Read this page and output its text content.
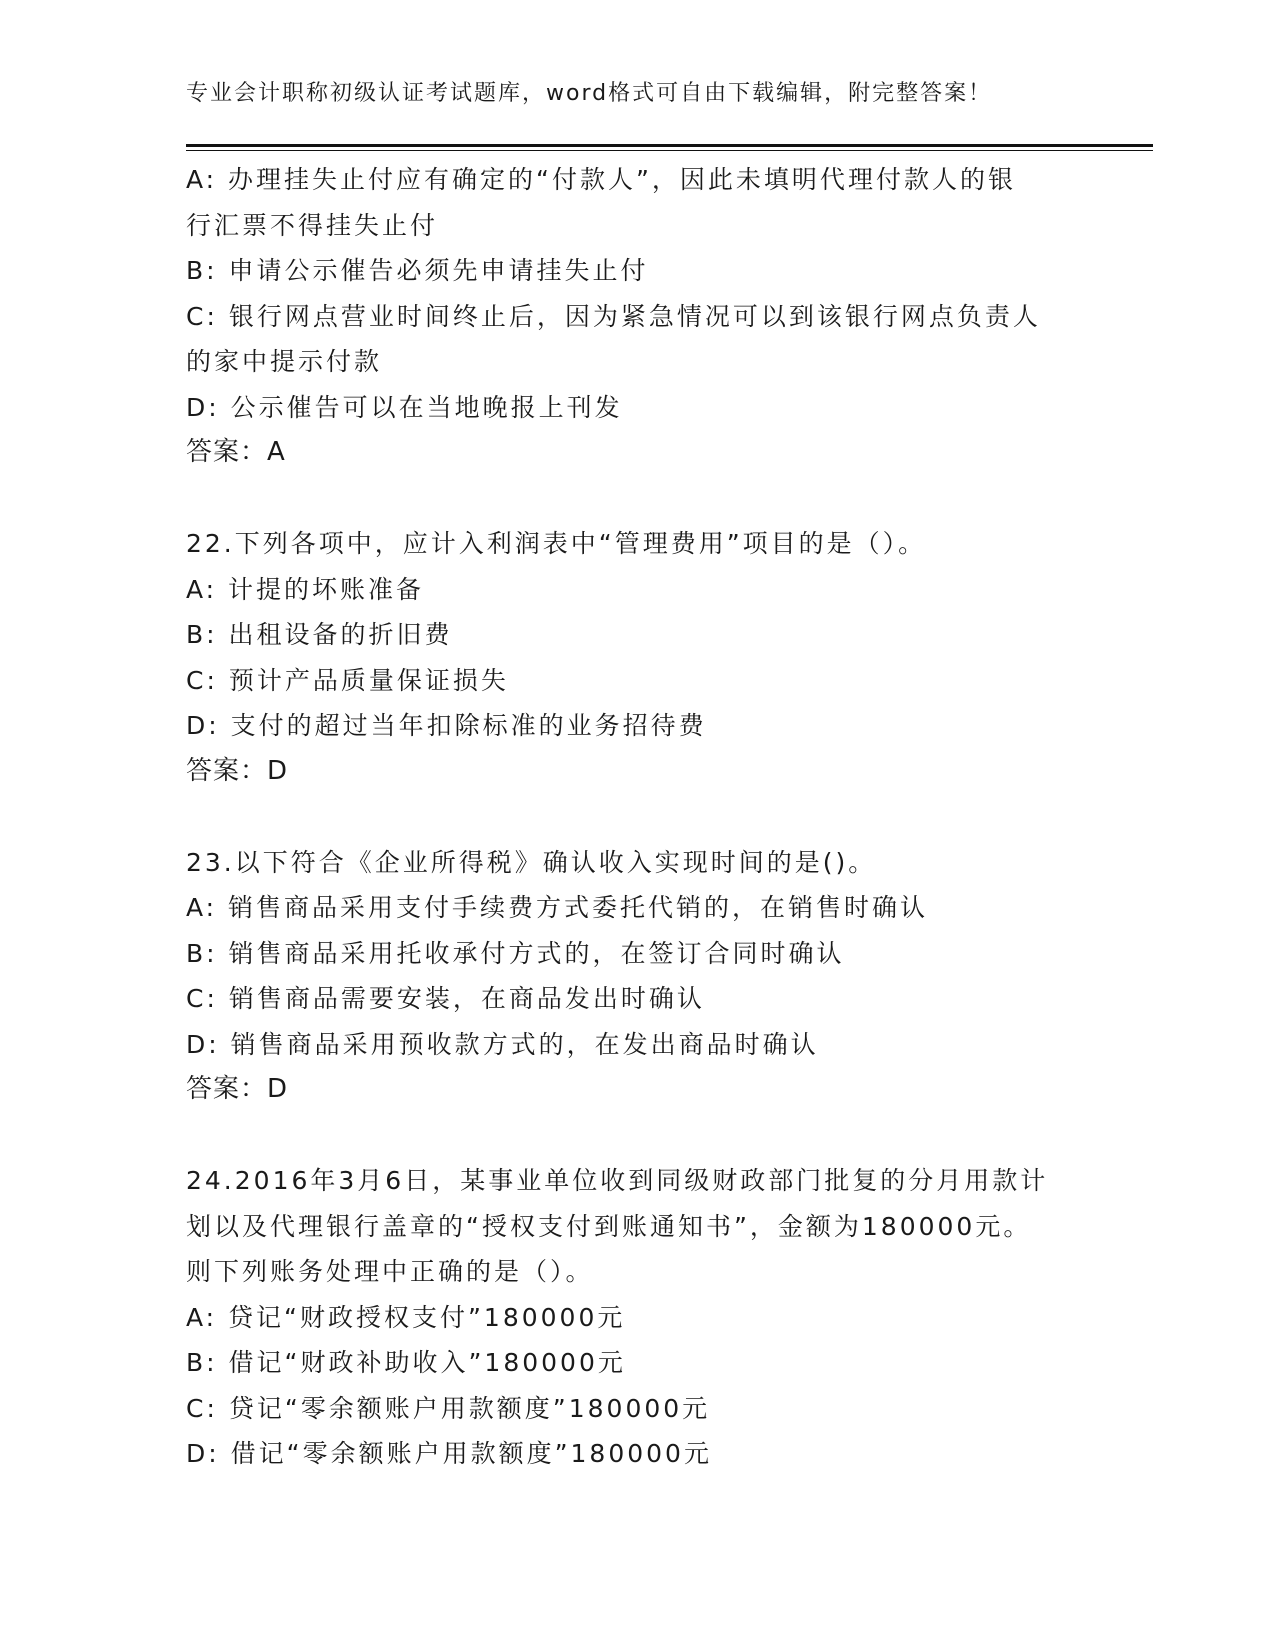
专业会计职称初级认证考试题库，word格式可自由下载编辑，附完整答案！
A: 办理挂失止付应有确定的“付款人”，因此未填明代理付款人的银
行汇票不得挂失止付
B: 申请公示催告必须先申请挂失止付
C: 银行网点营业时间终止后，因为紧急情况可以到该银行网点负责人
的家中提示付款
D: 公示催告可以在当地晚报上刊发
答案：A
22.下列各项中，应计入利润表中“管理费用”项目的是（）。
A: 计提的坏账准备
B: 出租设备的折旧费
C: 预计产品质量保证损失
D: 支付的超过当年扣除标准的业务招待费
答案：D
23.以下符合《企业所得税》确认收入实现时间的是()。
A: 销售商品采用支付手续费方式委托代销的，在销售时确认
B: 销售商品采用托收承付方式的，在签订合同时确认
C: 销售商品需要安装，在商品发出时确认
D: 销售商品采用预收款方式的，在发出商品时确认
答案：D
24.2016年3月6日，某事业单位收到同级财政部门批复的分月用款计
划以及代理银行盖章的“授权支付到账通知书”，金额为180000元。
则下列账务处理中正确的是（）。
A: 贷记“财政授权支付”180000元
B: 借记“财政补助收入”180000元
C: 贷记“零余额账户用款额度”180000元
D: 借记“零余额账户用款额度”180000元
